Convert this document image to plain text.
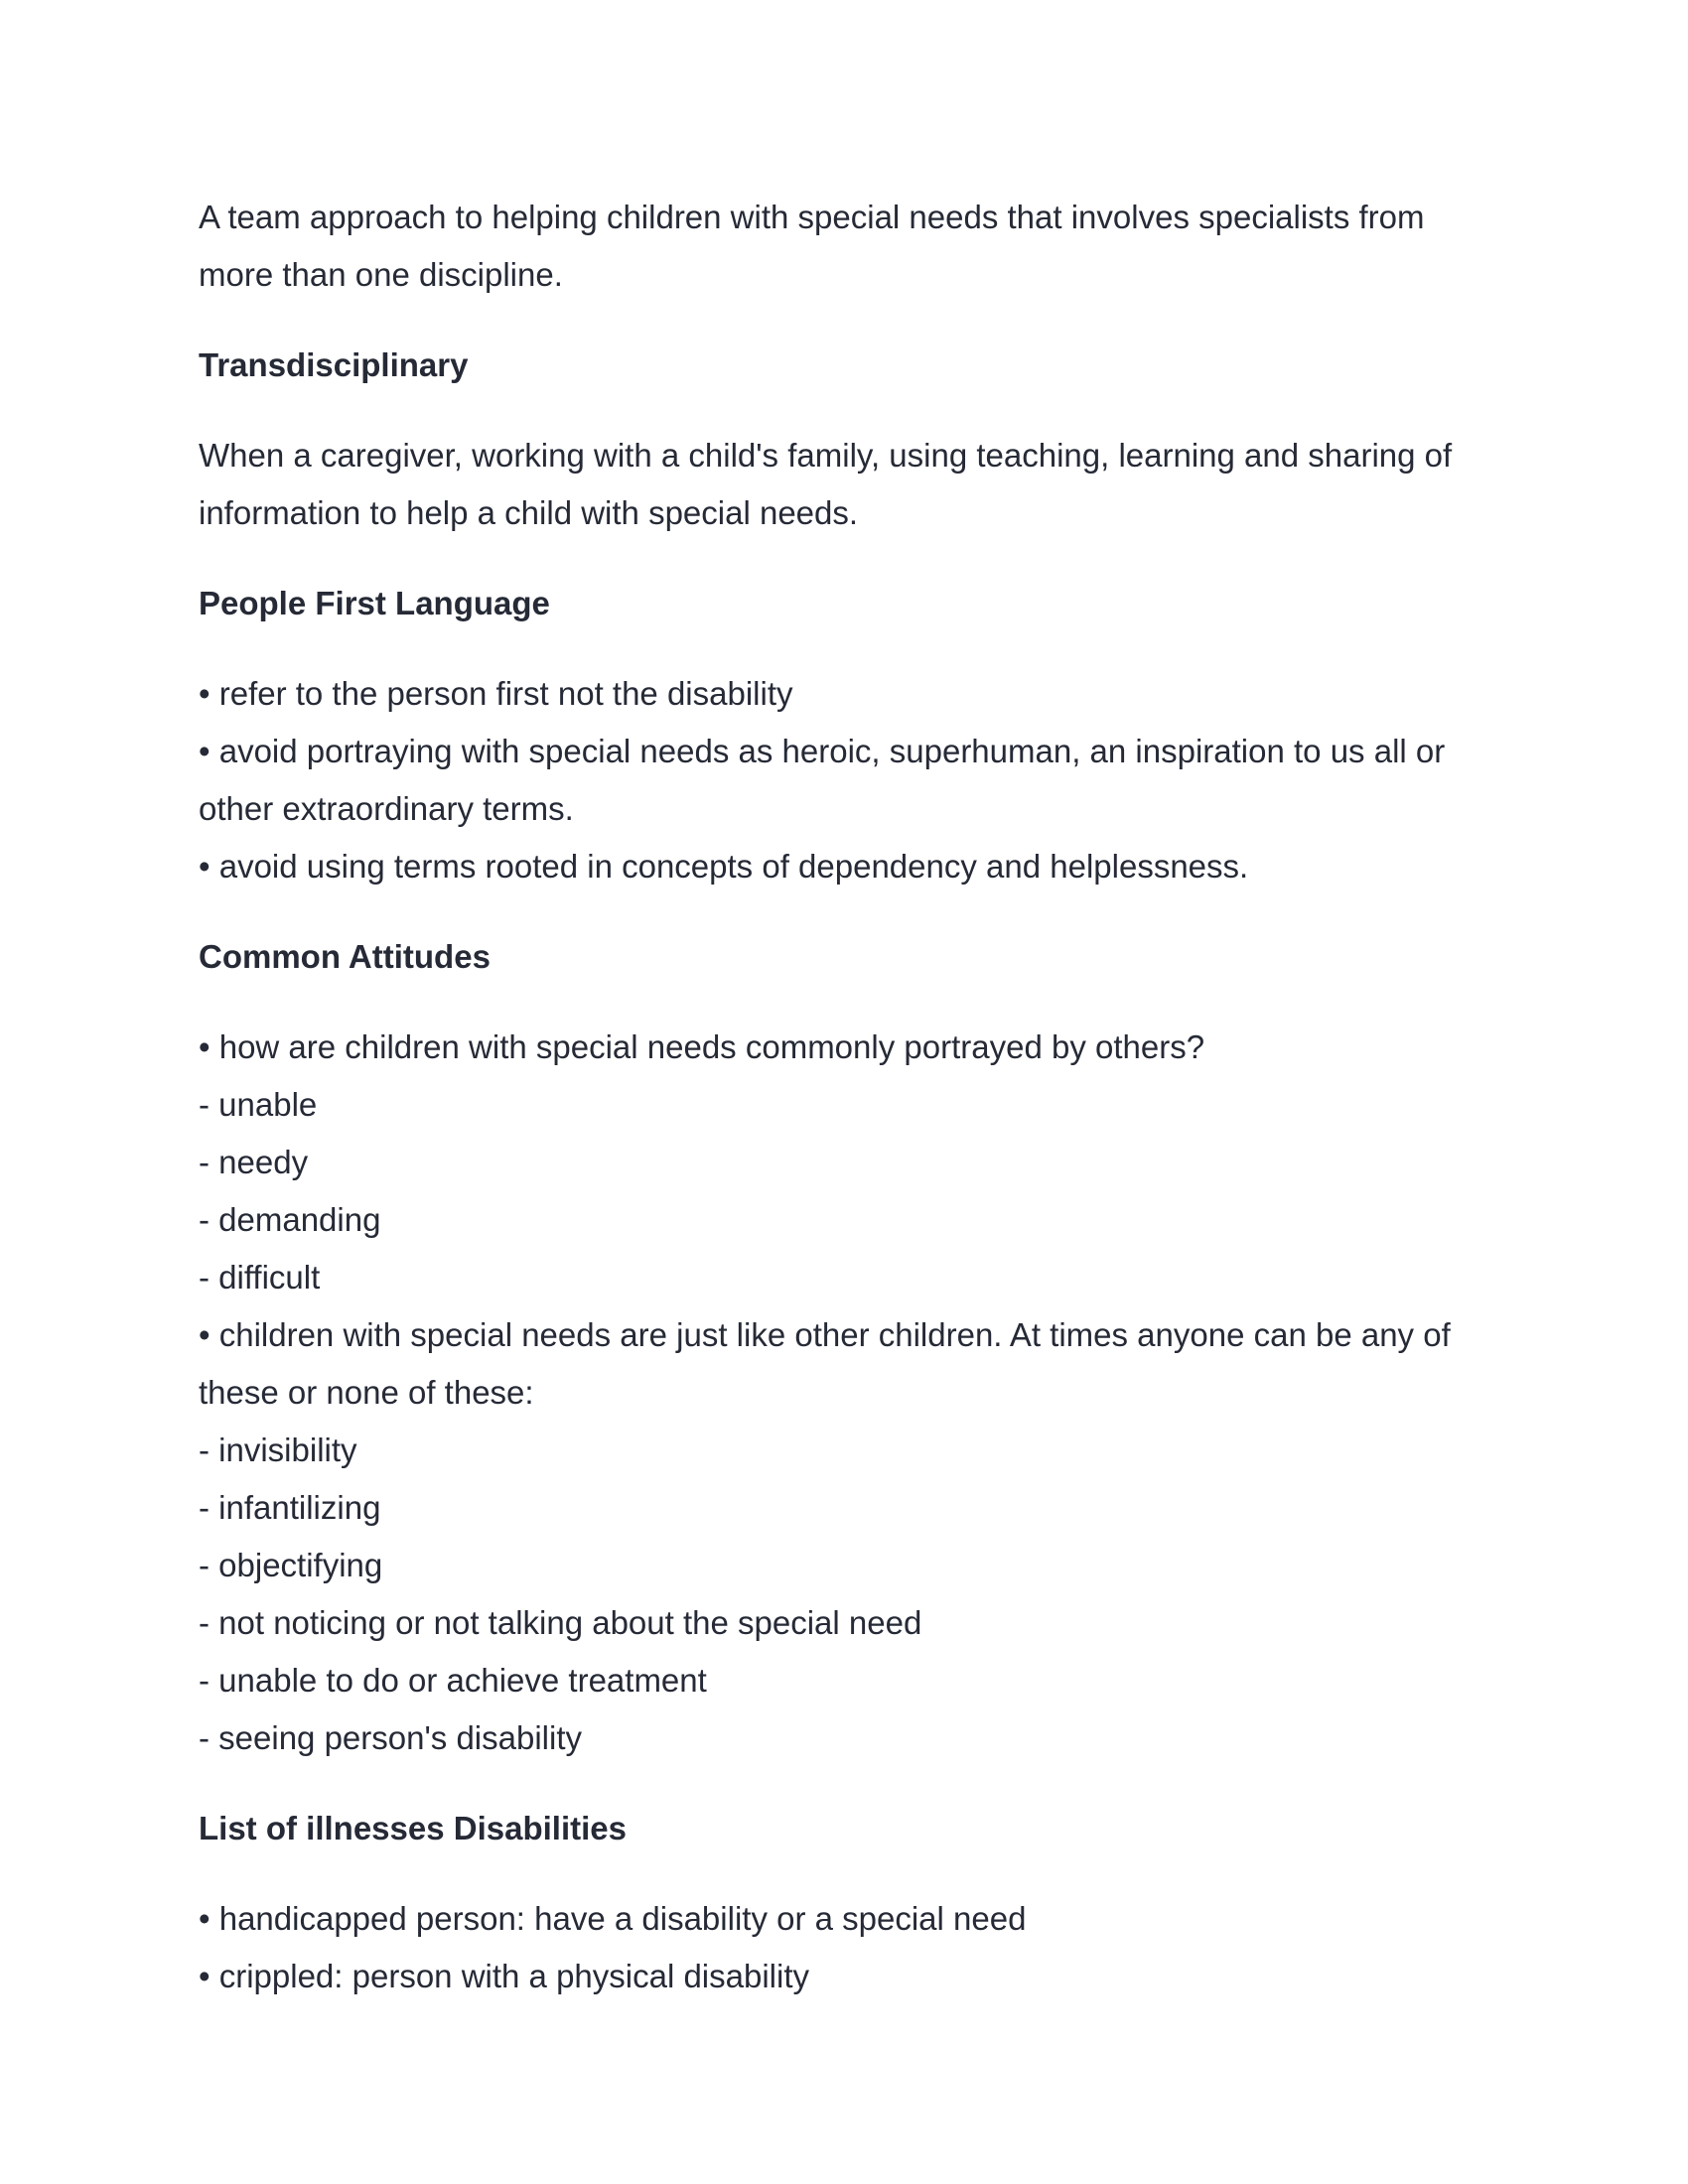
A team approach to helping children with special needs that involves specialists from more than one discipline.

Transdisciplinary

When a caregiver, working with a child's family, using teaching, learning and sharing of information to help a child with special needs.

People First Language

• refer to the person first not the disability

• avoid portraying with special needs as heroic, superhuman, an inspiration to us all or other extraordinary terms.

• avoid using terms rooted in concepts of dependency and helplessness.

Common Attitudes

• how are children with special needs commonly portrayed by others?

- unable

- needy

- demanding

- difficult

• children with special needs are just like other children. At times anyone can be any of these or none of these:

- invisibility

- infantilizing

- objectifying

- not noticing or not talking about the special need

- unable to do or achieve treatment

- seeing person's disability

List of illnesses Disabilities

• handicapped person: have a disability or a special need

• crippled: person with a physical disability
